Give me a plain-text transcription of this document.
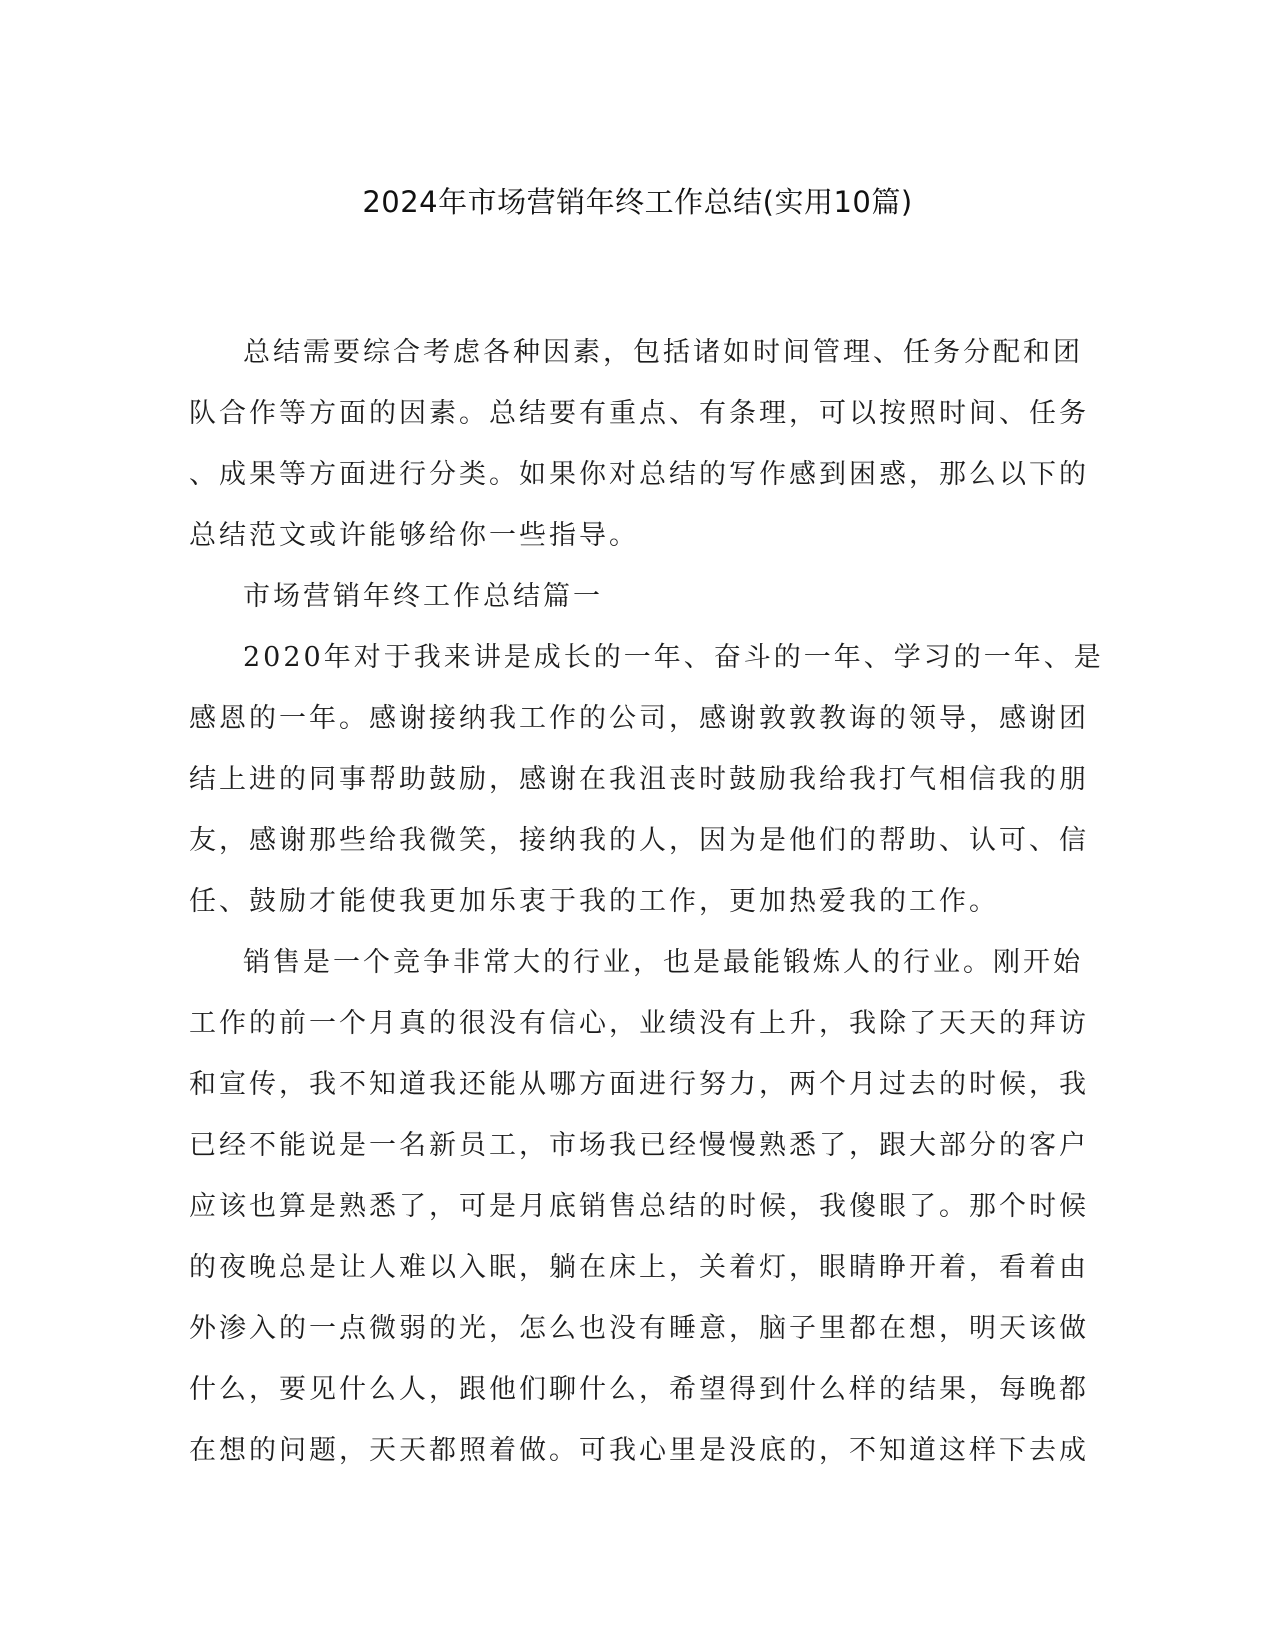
2024年市场营销年终工作总结(实用10篇)

总结需要综合考虑各种因素，包括诸如时间管理、任务分配和团
队合作等方面的因素。总结要有重点、有条理，可以按照时间、任务
、成果等方面进行分类。如果你对总结的写作感到困惑，那么以下的
总结范文或许能够给你一些指导。

市场营销年终工作总结篇一

2020年对于我来讲是成长的一年、奋斗的一年、学习的一年、是
感恩的一年。感谢接纳我工作的公司，感谢敦敦教诲的领导，感谢团
结上进的同事帮助鼓励，感谢在我沮丧时鼓励我给我打气相信我的朋
友，感谢那些给我微笑，接纳我的人，因为是他们的帮助、认可、信
任、鼓励才能使我更加乐衷于我的工作，更加热爱我的工作。

销售是一个竞争非常大的行业，也是最能锻炼人的行业。刚开始
工作的前一个月真的很没有信心，业绩没有上升，我除了天天的拜访
和宣传，我不知道我还能从哪方面进行努力，两个月过去的时候，我
已经不能说是一名新员工，市场我已经慢慢熟悉了，跟大部分的客户
应该也算是熟悉了，可是月底销售总结的时候，我傻眼了。那个时候
的夜晚总是让人难以入眠，躺在床上，关着灯，眼睛睁开着，看着由
外渗入的一点微弱的光，怎么也没有睡意，脑子里都在想，明天该做
什么，要见什么人，跟他们聊什么，希望得到什么样的结果，每晚都
在想的问题，天天都照着做。可我心里是没底的，不知道这样下去成
